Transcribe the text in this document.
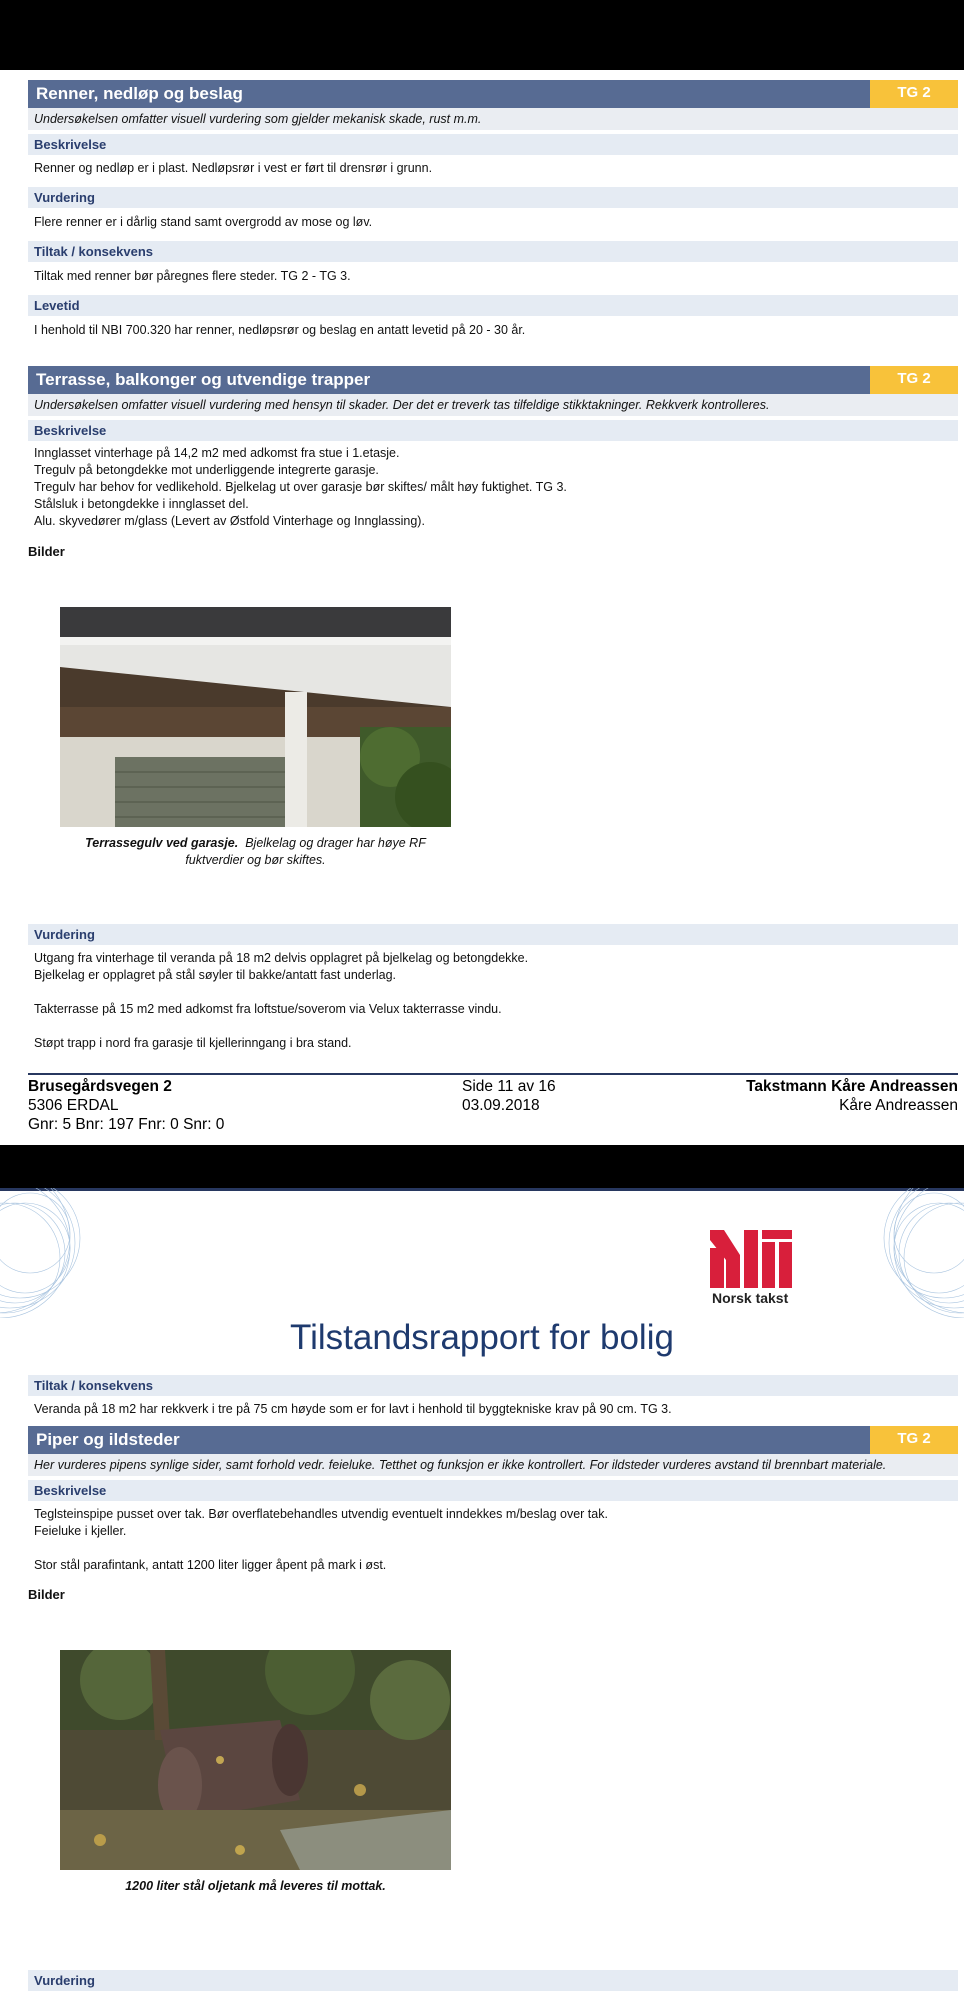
Renner, nedløp og beslag	TG 2
Undersøkelsen omfatter visuell vurdering som gjelder mekanisk skade, rust m.m.
Beskrivelse
Renner og nedløp er i plast. Nedløpsrør i vest er ført til drensrør i grunn.
Vurdering
Flere renner er i dårlig stand samt overgrodd av mose og løv.
Tiltak / konsekvens
Tiltak med renner bør påregnes flere steder. TG 2 - TG 3.
Levetid
I henhold til NBI 700.320 har renner, nedløpsrør og beslag en antatt levetid på 20 - 30 år.
Terrasse, balkonger og utvendige trapper	TG 2
Undersøkelsen omfatter visuell vurdering med hensyn til skader. Der det er treverk tas tilfeldige stikktakninger. Rekkverk kontrolleres.
Beskrivelse
Innglasset vinterhage på 14,2 m2 med adkomst fra stue i 1.etasje.
Tregulv på betongdekke mot underliggende integrerte garasje.
Tregulv har behov for vedlikehold. Bjelkelag ut over garasje bør skiftes/ målt høy fuktighet. TG 3.
Stålsluk i betongdekke i innglasset del.
Alu. skyvedører m/glass (Levert av Østfold Vinterhage og Innglassing).
Bilder
Terrassegulv ved garasje. Bjelkelag og drager har høye RF
fuktverdier og bør skiftes.
Vurdering
Utgang fra vinterhage til veranda på 18 m2 delvis opplagret på bjelkelag og betongdekke.
Bjelkelag er opplagret på stål søyler til bakke/antatt fast underlag.
Takterrasse på 15 m2 med adkomst fra loftstue/soverom via Velux takterrasse vindu.
Støpt trapp i nord fra garasje til kjellerinngang i bra stand.
Brusegårdsvegen 2
5306 ERDAL
Gnr: 5 Bnr: 197 Fnr: 0 Snr: 0
Side 11 av 16
03.09.2018
Takstmann Kåre Andreassen
Kåre Andreassen
Norsk takst
Tilstandsrapport for bolig
Tiltak / konsekvens
Veranda på 18 m2 har rekkverk i tre på 75 cm høyde som er for lavt i henhold til byggtekniske krav på 90 cm. TG 3.
Piper og ildsteder	TG 2
Her vurderes pipens synlige sider, samt forhold vedr. feieluke. Tetthet og funksjon er ikke kontrollert. For ildsteder vurderes avstand til brennbart materiale.
Beskrivelse
Teglsteinspipe pusset over tak. Bør overflatebehandles utvendig eventuelt inndekkes m/beslag over tak.
Feieluke i kjeller.
Stor stål parafintank, antatt 1200 liter ligger åpent på mark i øst.
Bilder
1200 liter stål oljetank må leveres til mottak.
Vurdering
